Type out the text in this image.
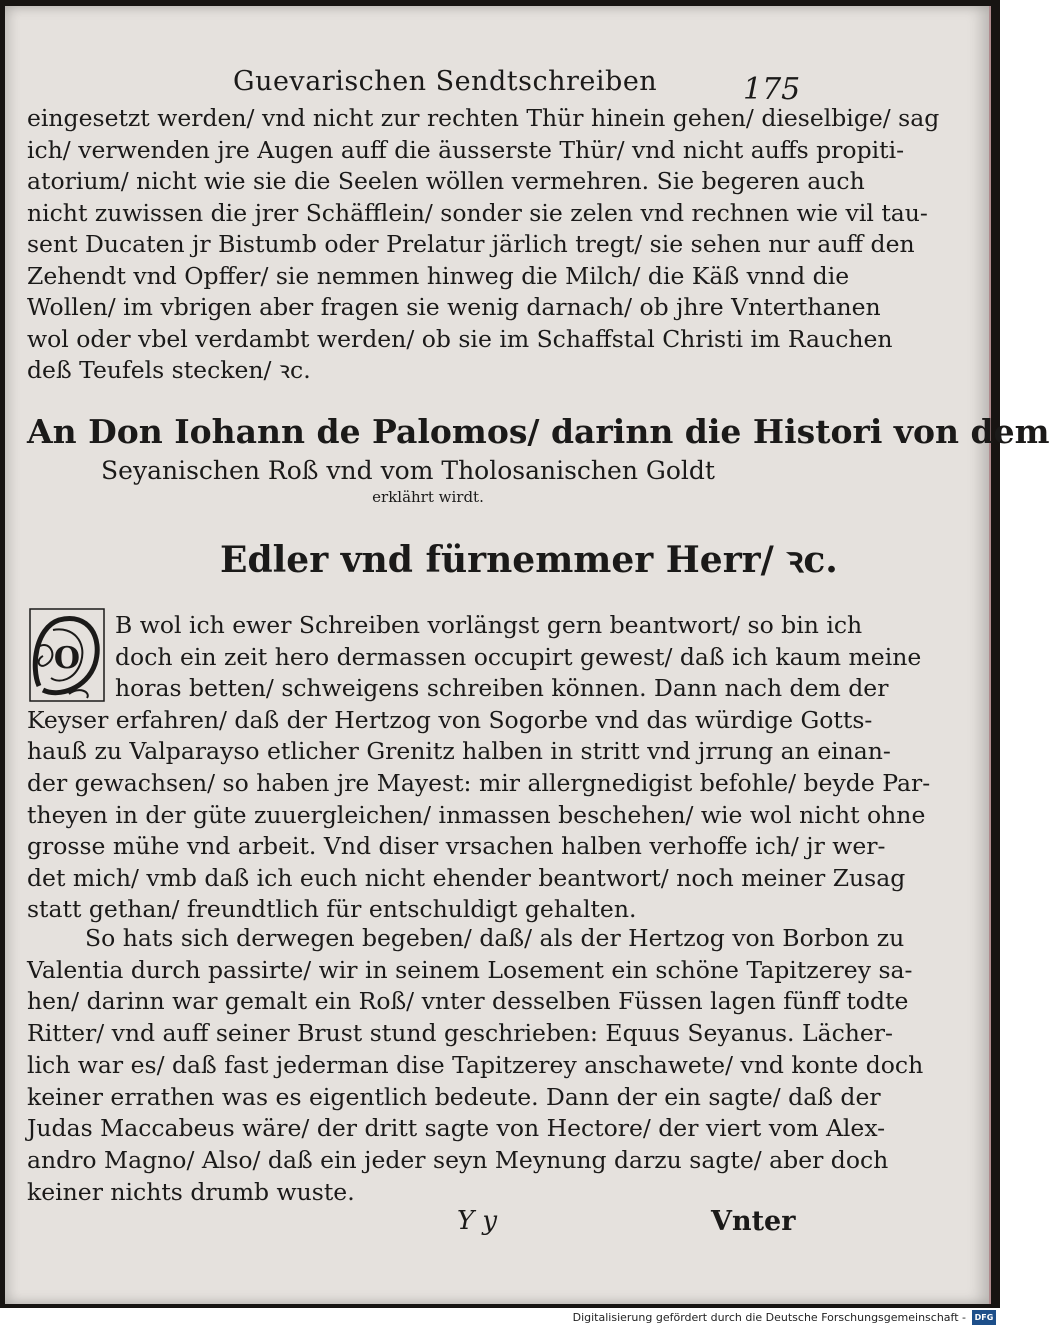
Guevarischen Sendtschreiben	175
eingesetzt werden/ vnd nicht zur rechten Thür hinein gehen/ dieselbige/ sag
ich/ verwenden jre Augen auff die äusserste Thür/ vnd nicht auffs propiti-
atorium/ nicht wie sie die Seelen wöllen vermehren. Sie begeren auch
nicht zuwissen die jrer Schäfflein/ sonder sie zelen vnd rechnen wie vil tau-
sent Ducaten jr Bistumb oder Prelatur järlich tregt/ sie sehen nur auff den
Zehendt vnd Opffer/ sie nemmen hinweg die Milch/ die Käß vnnd die
Wollen/ im vbrigen aber fragen sie wenig darnach/ ob jhre Vnterthanen
wol oder vbel verdambt werden/ ob sie im Schaffstal Christi im Rauchen
deß Teufels stecken/ ꝛc.
An Don Iohann de Palomos/ darinn die Histori von dem
Seyanischen Roß vnd vom Tholosanischen Goldt
erklährt wirdt.
Edler vnd fürnemmer Herr/ ꝛc.
O
B wol ich ewer Schreiben vorlängst gern beantwort/ so bin ich
doch ein zeit hero dermassen occupirt gewest/ daß ich kaum meine
horas betten/ schweigens schreiben können. Dann nach dem der
Keyser erfahren/ daß der Hertzog von Sogorbe vnd das würdige Gotts-
hauß zu Valparayso etlicher Grenitz halben in stritt vnd jrrung an einan-
der gewachsen/ so haben jre Mayest: mir allergnedigist befohle/ beyde Par-
theyen in der güte zuuergleichen/ inmassen beschehen/ wie wol nicht ohne
grosse mühe vnd arbeit. Vnd diser vrsachen halben verhoffe ich/ jr wer-
det mich/ vmb daß ich euch nicht ehender beantwort/ noch meiner Zusag
statt gethan/ freundtlich für entschuldigt gehalten.
So hats sich derwegen begeben/ daß/ als der Hertzog von Borbon zu
Valentia durch passirte/ wir in seinem Losement ein schöne Tapitzerey sa-
hen/ darinn war gemalt ein Roß/ vnter desselben Füssen lagen fünff todte
Ritter/ vnd auff seiner Brust stund geschrieben: Equus Seyanus. Lächer-
lich war es/ daß fast jederman dise Tapitzerey anschawete/ vnd konte doch
keiner errathen was es eigentlich bedeute. Dann der ein sagte/ daß der
Judas Maccabeus wäre/ der dritt sagte von Hectore/ der viert vom Alex-
andro Magno/ Also/ daß ein jeder seyn Meynung darzu sagte/ aber doch
keiner nichts drumb wuste.
Y y	Vnter
Digitalisierung gefördert durch die Deutsche Forschungsgemeinschaft -	DFG
